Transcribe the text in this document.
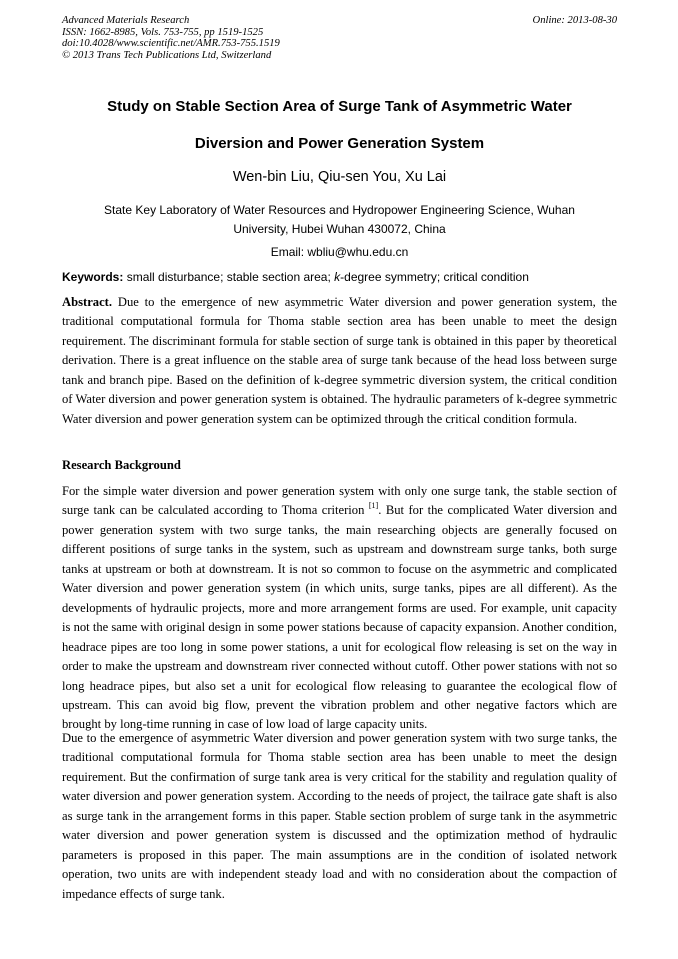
Advanced Materials Research
ISSN: 1662-8985, Vols. 753-755, pp 1519-1525
doi:10.4028/www.scientific.net/AMR.753-755.1519
© 2013 Trans Tech Publications Ltd, Switzerland
Online: 2013-08-30
Study on Stable Section Area of Surge Tank of Asymmetric Water
Diversion and Power Generation System
Wen-bin Liu, Qiu-sen You, Xu Lai
State Key Laboratory of Water Resources and Hydropower Engineering Science, Wuhan University, Hubei Wuhan 430072, China
Email: wbliu@whu.edu.cn
Keywords: small disturbance; stable section area; k-degree symmetry; critical condition
Abstract. Due to the emergence of new asymmetric Water diversion and power generation system, the traditional computational formula for Thoma stable section area has been unable to meet the design requirement. The discriminant formula for stable section of surge tank is obtained in this paper by theoretical derivation. There is a great influence on the stable area of surge tank because of the head loss between surge tank and branch pipe. Based on the definition of k-degree symmetric diversion system, the critical condition of Water diversion and power generation system is obtained. The hydraulic parameters of k-degree symmetric Water diversion and power generation system can be optimized through the critical condition formula.
Research Background
For the simple water diversion and power generation system with only one surge tank, the stable section of surge tank can be calculated according to Thoma criterion [1]. But for the complicated Water diversion and power generation system with two surge tanks, the main researching objects are generally focused on different positions of surge tanks in the system, such as upstream and downstream surge tanks, both surge tanks at upstream or both at downstream. It is not so common to focuse on the asymmetric and complicated Water diversion and power generation system (in which units, surge tanks, pipes are all different). As the developments of hydraulic projects, more and more arrangement forms are used. For example, unit capacity is not the same with original design in some power stations because of capacity expansion. Another condition, headrace pipes are too long in some power stations, a unit for ecological flow releasing is set on the way in order to make the upstream and downstream river connected without cutoff. Other power stations with not so long headrace pipes, but also set a unit for ecological flow releasing to guarantee the ecological flow of upstream. This can avoid big flow, prevent the vibration problem and other negative factors which are brought by long-time running in case of low load of large capacity units.
Due to the emergence of asymmetric Water diversion and power generation system with two surge tanks, the traditional computational formula for Thoma stable section area has been unable to meet the design requirement. But the confirmation of surge tank area is very critical for the stability and regulation quality of water diversion and power generation system. According to the needs of project, the tailrace gate shaft is also as surge tank in the arrangement forms in this paper. Stable section problem of surge tank in the asymmetric water diversion and power generation system is discussed and the optimization method of hydraulic parameters is proposed in this paper. The main assumptions are in the condition of isolated network operation, two units are with independent steady load and with no consideration about the compaction of impedance effects of surge tank.
